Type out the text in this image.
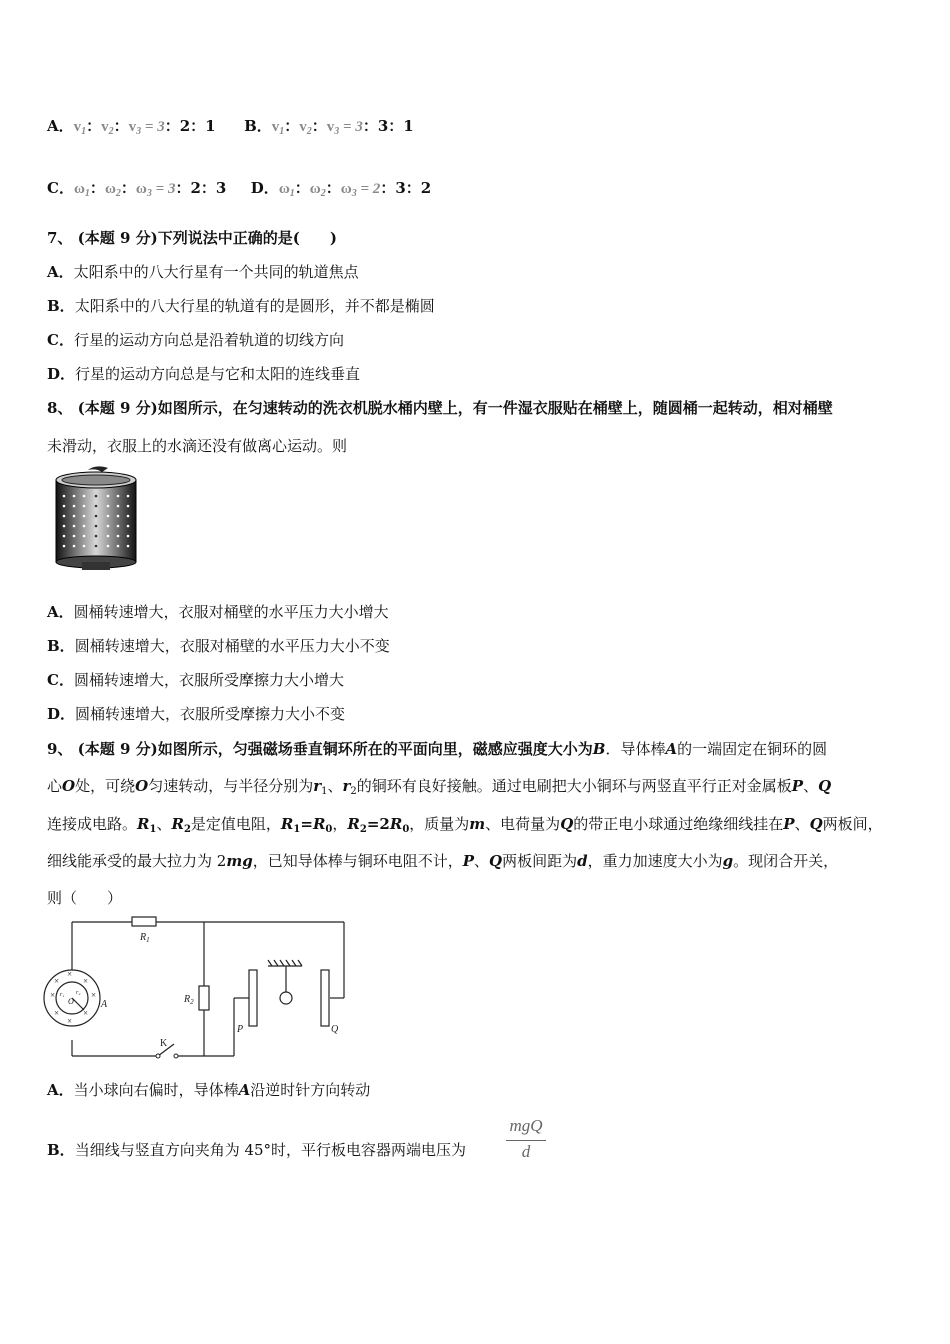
A．$v_1$：$v_2$：$v_3 = 3$：2：1 B．$v_1$：$v_2$：$v_3 = 3$：3：1
C．$\omega_1$：$\omega_2$：$\omega_3 = 3$：2：3 D．$\omega_1$：$\omega_2$：$\omega_3 = 2$：3：2
7、 (本题 9 分)下列说法中正确的是(　　)
A．太阳系中的八大行星有一个共同的轨道焦点
B．太阳系中的八大行星的轨道有的是圆形，并不都是椭圆
C．行星的运动方向总是沿着轨道的切线方向
D．行星的运动方向总是与它和太阳的连线垂直
8、 (本题 9 分)如图所示，在匀速转动的洗衣机脱水桶内壁上，有一件湿衣服贴在桶壁上，随圆桶一起转动，相对桶壁
未滑动，衣服上的水滴还没有做离心运动。则
A．圆桶转速增大，衣服对桶壁的水平压力大小增大
B．圆桶转速增大，衣服对桶壁的水平压力大小不变
C．圆桶转速增大，衣服所受摩擦力大小增大
D．圆桶转速增大，衣服所受摩擦力大小不变
9、 (本题 9 分)如图所示，匀强磁场垂直铜环所在的平面向里，磁感应强度大小为B．导体棒A的一端固定在铜环的圆
心O处，可绕O匀速转动，与半径分别为$r_1$、$r_2$的铜环有良好接触。通过电刷把大小铜环与两竖直平行正对金属板P、Q
连接成电路。$R_1$、$R_2$是定值电阻，$R_1=R_0$，$R_2=2R_0$，质量为m、电荷量为Q的带正电小球通过绝缘细线挂在P、Q两板间，
细线能承受的最大拉力为 2mg，已知导体棒与铜环电阻不计，P、Q两板间距为d，重力加速度大小为g。现闭合开关，
则（　　）
×	×
×
×
×	×
×	×
$R_1$
$R_2$
P	Q
A
K
O
r₁ r₂
A．当小球向右偏时，导体棒A沿逆时针方向转动
B．当细线与竖直方向夹角为 45°时，平行板电容器两端电压为
mgQ
d
